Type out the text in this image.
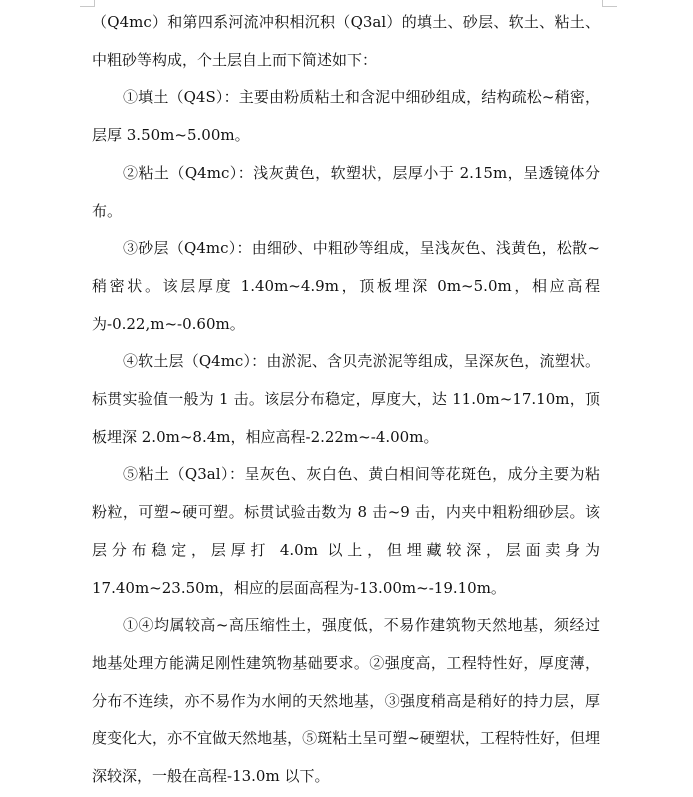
（Q4mc）和第四系河流冲积相沉积（Q3al）的填土、砂层、软土、粘土、中粗砂等构成，个土层自上而下简述如下：

①填土（Q4S）：主要由粉质粘土和含泥中细砂组成，结构疏松~稍密，层厚 3.50m~5.00m。

②粘土（Q4mc）：浅灰黄色，软塑状，层厚小于 2.15m，呈透镜体分布。

③砂层（Q4mc）：由细砂、中粗砂等组成，呈浅灰色、浅黄色，松散~稍密状。该层厚度 1.40m~4.9m，顶板埋深 0m~5.0m，相应高程为-0.22,m~-0.60m。

④软土层（Q4mc）：由淤泥、含贝壳淤泥等组成，呈深灰色，流塑状。标贯实验值一般为 1 击。该层分布稳定，厚度大，达 11.0m~17.10m，顶板埋深 2.0m~8.4m，相应高程-2.22m~-4.00m。

⑤粘土（Q3al）：呈灰色、灰白色、黄白相间等花斑色，成分主要为粘粉粒，可塑~硬可塑。标贯试验击数为 8 击~9 击，内夹中粗粉细砂层。该层分布稳定，层厚打 4.0m 以上，但埋藏较深，层面卖身为 17.40m~23.50m，相应的层面高程为-13.00m~-19.10m。

①④均属较高~高压缩性土，强度低，不易作建筑物天然地基，须经过地基处理方能满足刚性建筑物基础要求。②强度高，工程特性好，厚度薄，分布不连续，亦不易作为水闸的天然地基，③强度稍高是稍好的持力层，厚度变化大，亦不宜做天然地基，⑤斑粘土呈可塑~硬塑状，工程特性好，但埋深较深，一般在高程-13.0m 以下。
